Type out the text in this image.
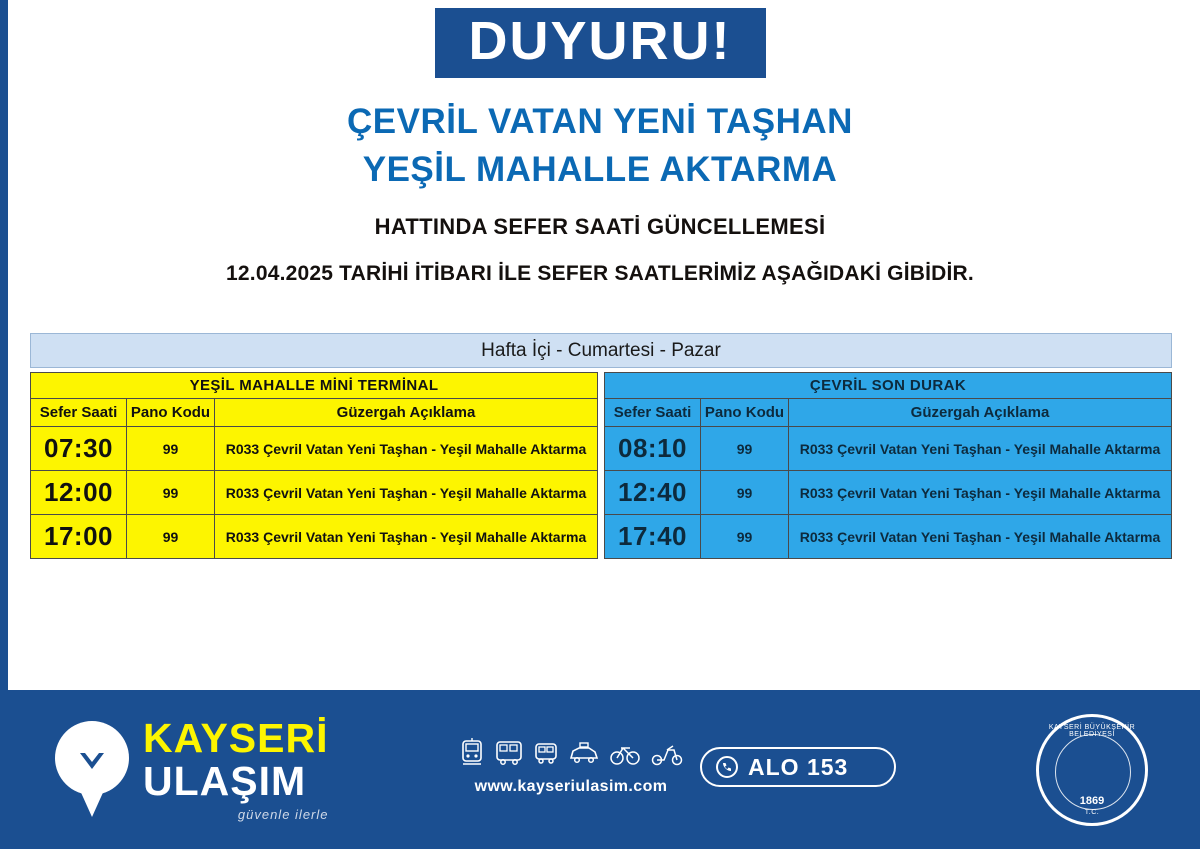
DUYURU!
ÇEVRİL VATAN YENİ TAŞHAN
YEŞİL MAHALLE AKTARMA
HATTINDA SEFER SAATİ GÜNCELLEMESİ
12.04.2025 TARİHİ İTİBARI İLE SEFER SAATLERİMİZ AŞAĞIDAKİ GİBİDİR.
Hafta İçi - Cumartesi - Pazar
YEŞİL MAHALLE MİNİ TERMİNAL		
Sefer Saati	Pano Kodu	Güzergah Açıklama
07:30	99	R033 Çevril Vatan Yeni Taşhan - Yeşil Mahalle Aktarma
12:00	99	R033 Çevril Vatan Yeni Taşhan - Yeşil Mahalle Aktarma
17:00	99	R033 Çevril Vatan Yeni Taşhan - Yeşil Mahalle Aktarma
ÇEVRİL SON DURAK		
Sefer Saati	Pano Kodu	Güzergah Açıklama
08:10	99	R033 Çevril Vatan Yeni Taşhan - Yeşil Mahalle Aktarma
12:40	99	R033 Çevril Vatan Yeni Taşhan - Yeşil Mahalle Aktarma
17:40	99	R033 Çevril Vatan Yeni Taşhan - Yeşil Mahalle Aktarma
KAYSERİ
ULAŞIM
güvenle ilerle
www.kayseriulasim.com
ALO 153
KAYSERİ BÜYÜKŞEHİR BELEDİYESİ
T.C.
1869
